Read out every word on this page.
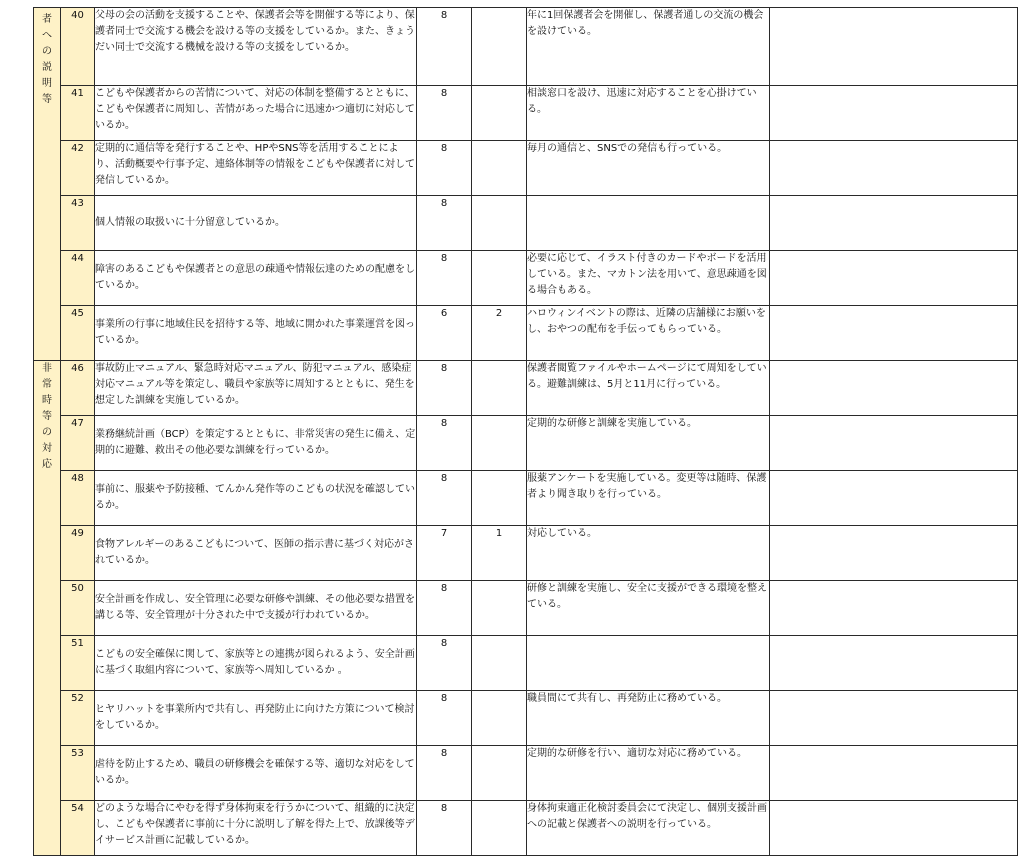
者への説明等	40	父母の会の活動を支援することや、保護者会等を開催する等により、保護者同士で交流する機会を設ける等の支援をしているか。また、きょうだい同士で交流する機械を設ける等の支援をしているか。	8		年に1回保護者会を開催し、保護者通しの交流の機会を設けている。	
	41	こどもや保護者からの苦情について、対応の体制を整備するとともに、こどもや保護者に周知し、苦情があった場合に迅速かつ適切に対応しているか。	8		相談窓口を設け、迅速に対応することを心掛けている。	
	42	定期的に通信等を発行することや、HPやSNS等を活用することにより、活動概要や行事予定、連絡体制等の情報をこどもや保護者に対して発信しているか。	8		毎月の通信と、SNSでの発信も行っている。	
	43	個人情報の取扱いに十分留意しているか。	8			
	44	障害のあるこどもや保護者との意思の疎通や情報伝達のための配慮をしているか。	8		必要に応じて、イラスト付きのカードやボードを活用している。また、マカトン法を用いて、意思疎通を図る場合もある。	
	45	事業所の行事に地域住民を招待する等、地域に開かれた事業運営を図っているか。	6	2	ハロウィンイベントの際は、近隣の店舗様にお願いをし、おやつの配布を手伝ってもらっている。	
非常時等の対応	46	事故防止マニュアル、緊急時対応マニュアル、防犯マニュアル、感染症対応マニュアル等を策定し、職員や家族等に周知するとともに、発生を想定した訓練を実施しているか。	8		保護者閲覧ファイルやホームページにて周知をしている。避難訓練は、5月と11月に行っている。	
	47	業務継続計画（BCP）を策定するとともに、非常災害の発生に備え、定期的に避難、救出その他必要な訓練を行っているか。	8		定期的な研修と訓練を実施している。	
	48	事前に、服薬や予防接種、てんかん発作等のこどもの状況を確認しているか。	8		服薬アンケートを実施している。変更等は随時、保護者より聞き取りを行っている。	
	49	食物アレルギーのあるこどもについて、医師の指示書に基づく対応がされているか。	7	1	対応している。	
	50	安全計画を作成し、安全管理に必要な研修や訓練、その他必要な措置を講じる等、安全管理が十分された中で支援が行われているか。	8		研修と訓練を実施し、安全に支援ができる環境を整えている。	
	51	こどもの安全確保に関して、家族等との連携が図られるよう、安全計画に基づく取組内容について、家族等へ周知しているか 。	8			
	52	ヒヤリハットを事業所内で共有し、再発防止に向けた方策について検討をしているか。	8		職員間にて共有し、再発防止に務めている。	
	53	虐待を防止するため、職員の研修機会を確保する等、適切な対応をしているか。	8		定期的な研修を行い、適切な対応に務めている。	
	54	どのような場合にやむを得ず身体拘束を行うかについて、組織的に決定し、こどもや保護者に事前に十分に説明し了解を得た上で、放課後等デイサービス計画に記載しているか。	8		身体拘束適正化検討委員会にて決定し、個別支援計画への記載と保護者への説明を行っている。	
